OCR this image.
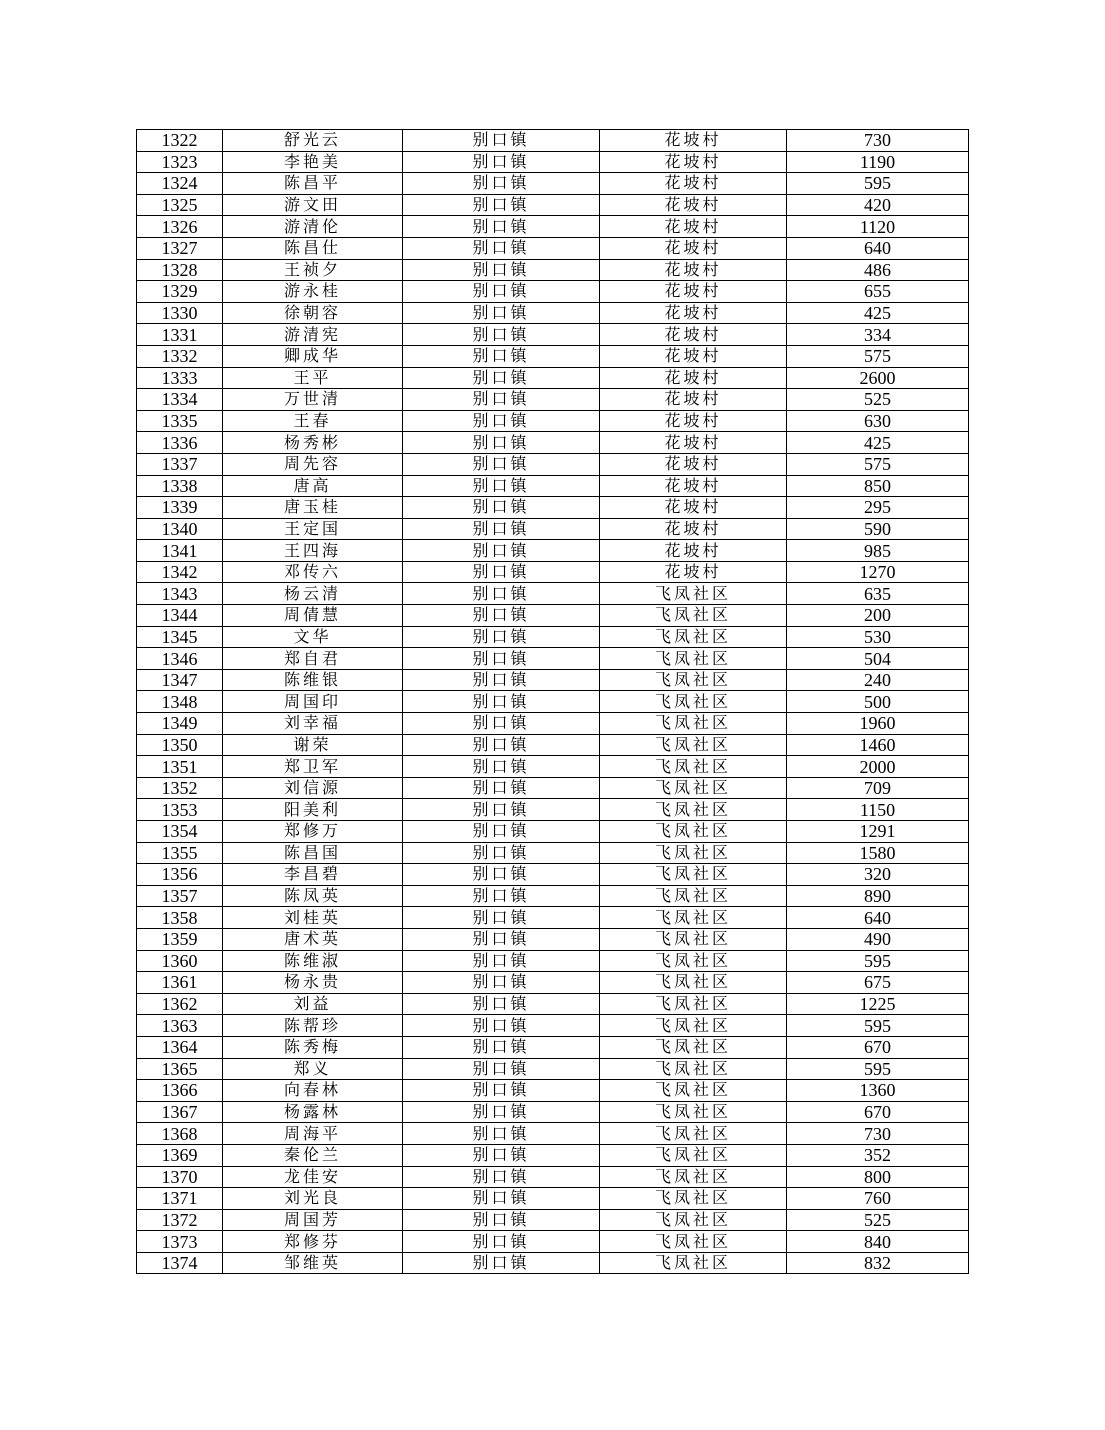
1322	舒光云	别口镇	花坡村	730
1323	李艳美	别口镇	花坡村	1190
1324	陈昌平	别口镇	花坡村	595
1325	游文田	别口镇	花坡村	420
1326	游清伦	别口镇	花坡村	1120
1327	陈昌仕	别口镇	花坡村	640
1328	王祯夕	别口镇	花坡村	486
1329	游永桂	别口镇	花坡村	655
1330	徐朝容	别口镇	花坡村	425
1331	游清宪	别口镇	花坡村	334
1332	卿成华	别口镇	花坡村	575
1333	王平	别口镇	花坡村	2600
1334	万世清	别口镇	花坡村	525
1335	王春	别口镇	花坡村	630
1336	杨秀彬	别口镇	花坡村	425
1337	周先容	别口镇	花坡村	575
1338	唐高	别口镇	花坡村	850
1339	唐玉桂	别口镇	花坡村	295
1340	王定国	别口镇	花坡村	590
1341	王四海	别口镇	花坡村	985
1342	邓传六	别口镇	花坡村	1270
1343	杨云清	别口镇	飞凤社区	635
1344	周倩慧	别口镇	飞凤社区	200
1345	文华	别口镇	飞凤社区	530
1346	郑自君	别口镇	飞凤社区	504
1347	陈维银	别口镇	飞凤社区	240
1348	周国印	别口镇	飞凤社区	500
1349	刘幸福	别口镇	飞凤社区	1960
1350	谢荣	别口镇	飞凤社区	1460
1351	郑卫军	别口镇	飞凤社区	2000
1352	刘信源	别口镇	飞凤社区	709
1353	阳美利	别口镇	飞凤社区	1150
1354	郑修万	别口镇	飞凤社区	1291
1355	陈昌国	别口镇	飞凤社区	1580
1356	李昌碧	别口镇	飞凤社区	320
1357	陈凤英	别口镇	飞凤社区	890
1358	刘桂英	别口镇	飞凤社区	640
1359	唐术英	别口镇	飞凤社区	490
1360	陈维淑	别口镇	飞凤社区	595
1361	杨永贵	别口镇	飞凤社区	675
1362	刘益	别口镇	飞凤社区	1225
1363	陈帮珍	别口镇	飞凤社区	595
1364	陈秀梅	别口镇	飞凤社区	670
1365	郑义	别口镇	飞凤社区	595
1366	向春林	别口镇	飞凤社区	1360
1367	杨露林	别口镇	飞凤社区	670
1368	周海平	别口镇	飞凤社区	730
1369	秦伦兰	别口镇	飞凤社区	352
1370	龙佳安	别口镇	飞凤社区	800
1371	刘光良	别口镇	飞凤社区	760
1372	周国芳	别口镇	飞凤社区	525
1373	郑修芬	别口镇	飞凤社区	840
1374	邹维英	别口镇	飞凤社区	832
